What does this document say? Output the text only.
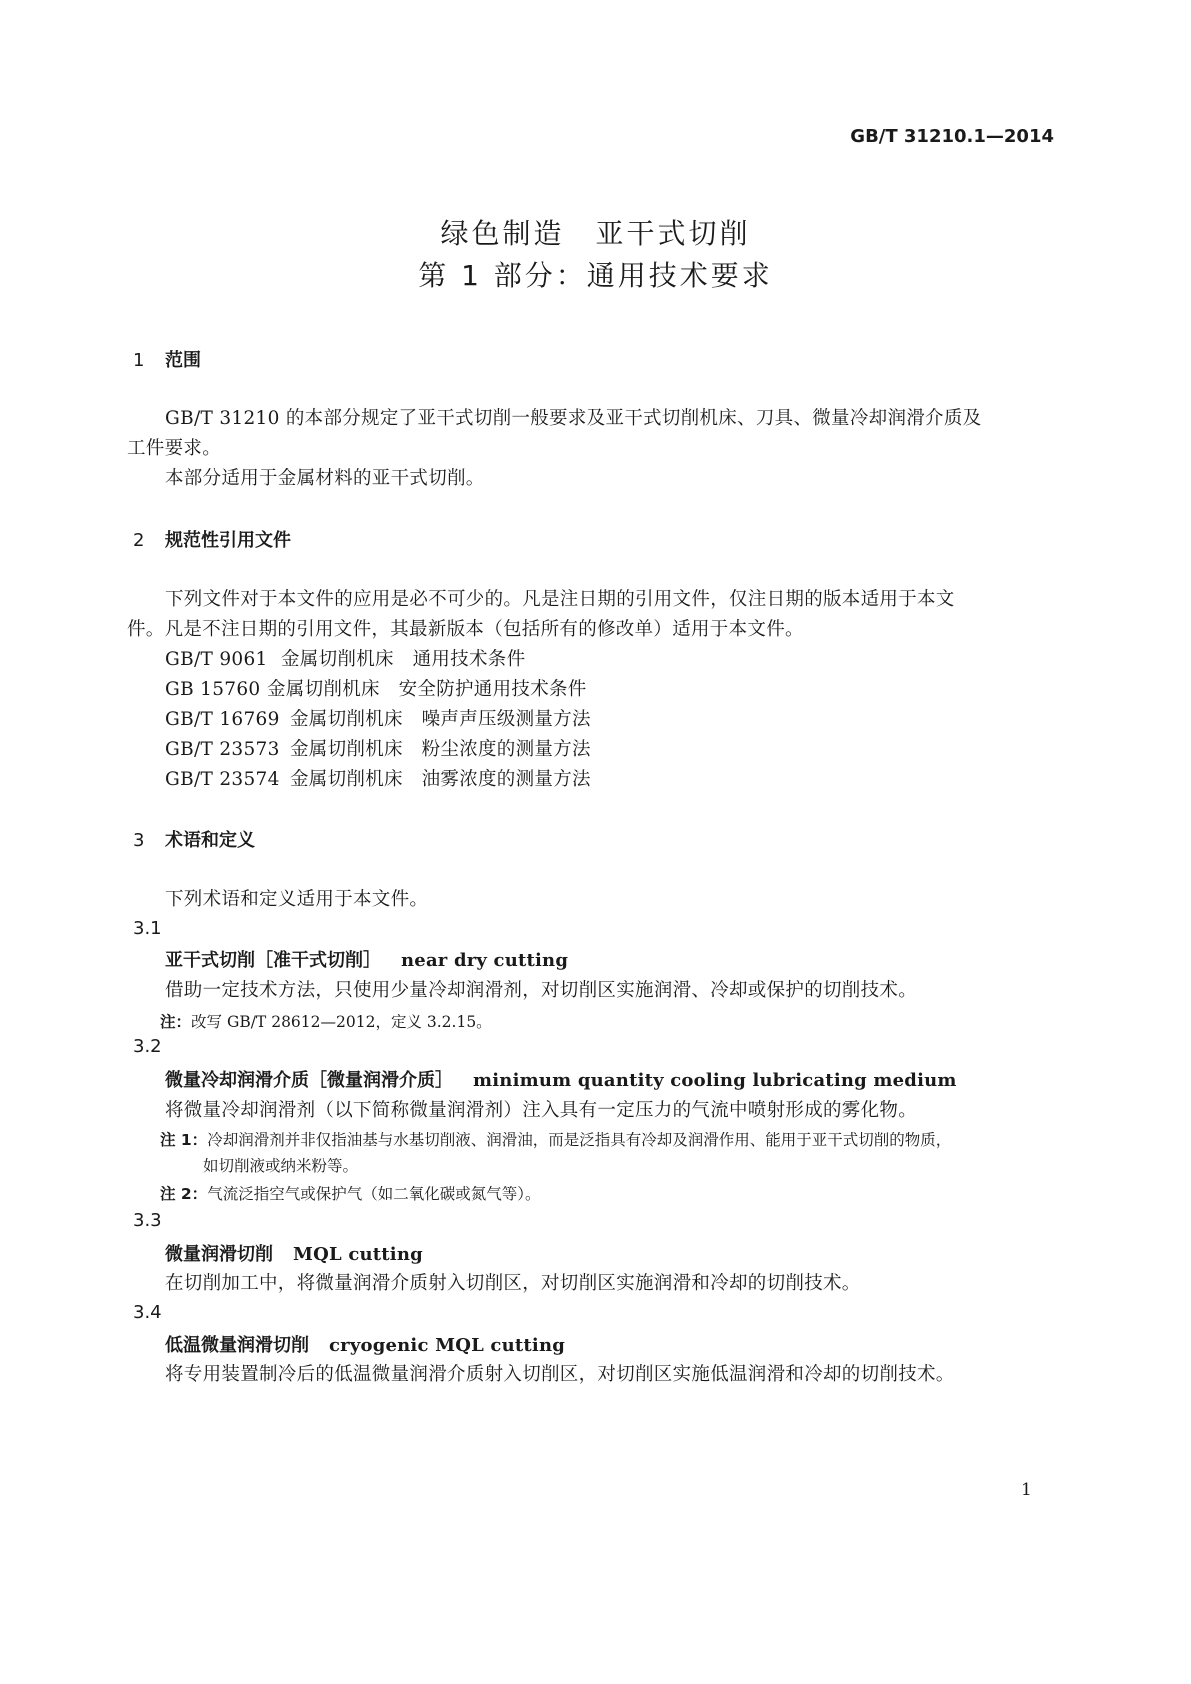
GB/T 31210.1—2014
绿色制造　亚干式切削
第 1 部分：通用技术要求
1 范围
GB/T 31210 的本部分规定了亚干式切削一般要求及亚干式切削机床、刀具、微量冷却润滑介质及
工件要求。
本部分适用于金属材料的亚干式切削。
2 规范性引用文件
下列文件对于本文件的应用是必不可少的。凡是注日期的引用文件，仅注日期的版本适用于本文
件。凡是不注日期的引用文件，其最新版本（包括所有的修改单）适用于本文件。
GB/T 9061 金属切削机床　通用技术条件
GB 15760 金属切削机床　安全防护通用技术条件
GB/T 16769 金属切削机床　噪声声压级测量方法
GB/T 23573 金属切削机床　粉尘浓度的测量方法
GB/T 23574 金属切削机床　油雾浓度的测量方法
3 术语和定义
下列术语和定义适用于本文件。
3.1
亚干式切削［准干式切削］ near dry cutting
借助一定技术方法，只使用少量冷却润滑剂，对切削区实施润滑、冷却或保护的切削技术。
注：改写 GB/T 28612—2012，定义 3.2.15。
3.2
微量冷却润滑介质［微量润滑介质］ minimum quantity cooling lubricating medium
将微量冷却润滑剂（以下简称微量润滑剂）注入具有一定压力的气流中喷射形成的雾化物。
注 1：冷却润滑剂并非仅指油基与水基切削液、润滑油，而是泛指具有冷却及润滑作用、能用于亚干式切削的物质，
如切削液或纳米粉等。
注 2：气流泛指空气或保护气（如二氧化碳或氮气等）。
3.3
微量润滑切削 MQL cutting
在切削加工中，将微量润滑介质射入切削区，对切削区实施润滑和冷却的切削技术。
3.4
低温微量润滑切削 cryogenic MQL cutting
将专用装置制冷后的低温微量润滑介质射入切削区，对切削区实施低温润滑和冷却的切削技术。
1
